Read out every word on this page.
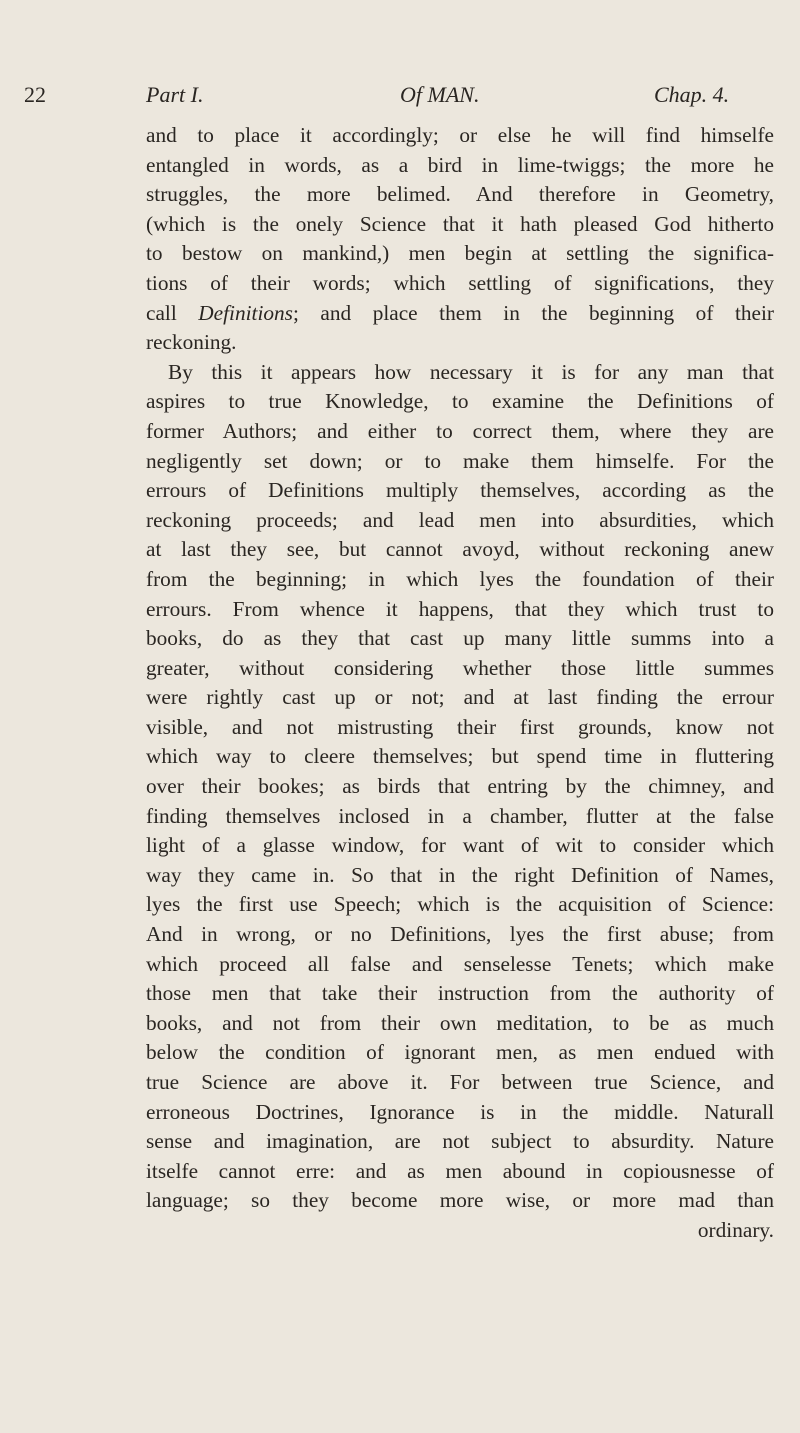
22	Part I.	Of MAN.	Chap. 4.
and to place it accordingly; or else he will find himselfe
entangled in words, as a bird in lime-twiggs; the more he
struggles, the more belimed. And therefore in Geometry,
(which is the onely Science that it hath pleased God hitherto
to bestow on mankind,) men begin at settling the significa-
tions of their words; which settling of significations, they
call Definitions; and place them in the beginning of their
reckoning.
By this it appears how necessary it is for any man that
aspires to true Knowledge, to examine the Definitions of
former Authors; and either to correct them, where they are
negligently set down; or to make them himselfe. For the
errours of Definitions multiply themselves, according as the
reckoning proceeds; and lead men into absurdities, which
at last they see, but cannot avoyd, without reckoning anew
from the beginning; in which lyes the foundation of their
errours. From whence it happens, that they which trust to
books, do as they that cast up many little summs into a
greater, without considering whether those little summes
were rightly cast up or not; and at last finding the errour
visible, and not mistrusting their first grounds, know not
which way to cleere themselves; but spend time in fluttering
over their bookes; as birds that entring by the chimney, and
finding themselves inclosed in a chamber, flutter at the false
light of a glasse window, for want of wit to consider which
way they came in. So that in the right Definition of Names,
lyes the first use Speech; which is the acquisition of Science:
And in wrong, or no Definitions, lyes the first abuse; from
which proceed all false and senselesse Tenets; which make
those men that take their instruction from the authority of
books, and not from their own meditation, to be as much
below the condition of ignorant men, as men endued with
true Science are above it. For between true Science, and
erroneous Doctrines, Ignorance is in the middle. Naturall
sense and imagination, are not subject to absurdity. Nature
itselfe cannot erre: and as men abound in copiousnesse of
language; so they become more wise, or more mad than
ordinary.
